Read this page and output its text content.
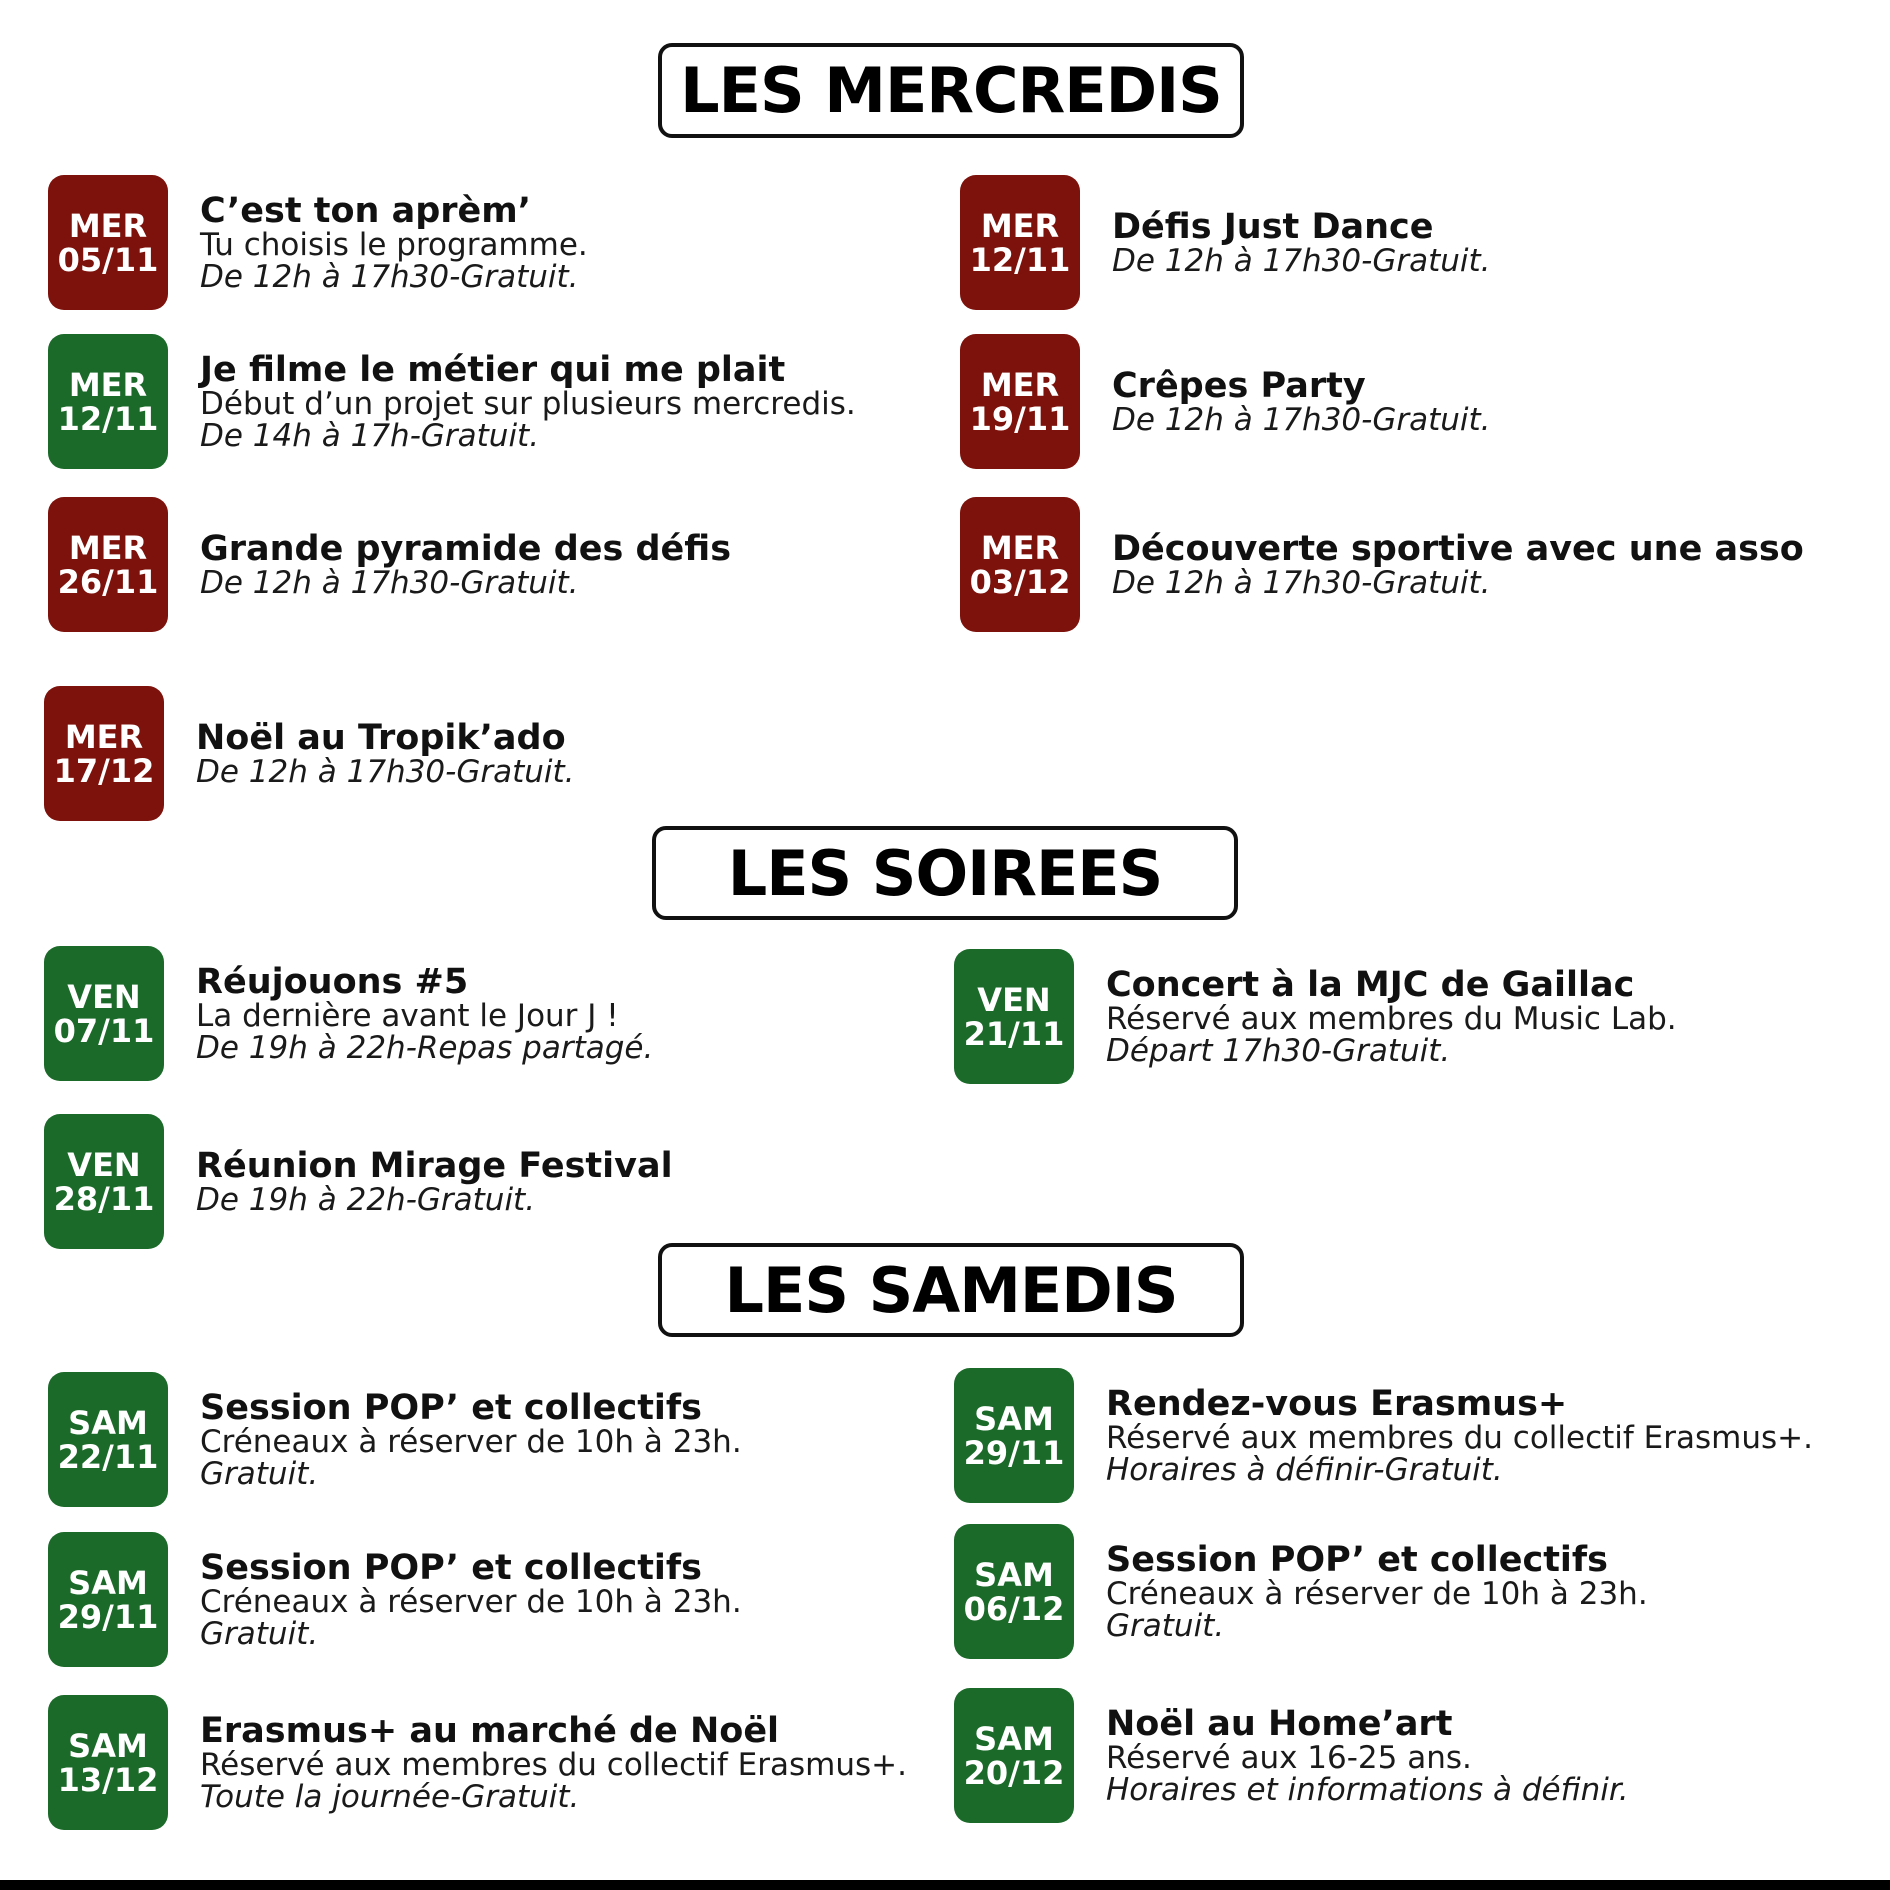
LES MERCREDIS
LES SOIREES
LES SAMEDIS
MER
05/11
C’est ton aprèm’
Tu choisis le programme.
De 12h à 17h30-Gratuit.
MER
12/11
Défis Just Dance
De 12h à 17h30-Gratuit.
MER
12/11
Je filme le métier qui me plait
Début d’un projet sur plusieurs mercredis.
De 14h à 17h-Gratuit.
MER
19/11
Crêpes Party
De 12h à 17h30-Gratuit.
MER
26/11
Grande pyramide des défis
De 12h à 17h30-Gratuit.
MER
03/12
Découverte sportive avec une asso
De 12h à 17h30-Gratuit.
MER
17/12
Noël au Tropik’ado
De 12h à 17h30-Gratuit.
VEN
07/11
Réujouons #5
La dernière avant le Jour J !
De 19h à 22h-Repas partagé.
VEN
21/11
Concert à la MJC de Gaillac
Réservé aux membres du Music Lab.
Départ 17h30-Gratuit.
VEN
28/11
Réunion Mirage Festival
De 19h à 22h-Gratuit.
SAM
22/11
Session POP’ et collectifs
Créneaux à réserver de 10h à 23h.
Gratuit.
SAM
29/11
Rendez-vous Erasmus+
Réservé aux membres du collectif Erasmus+.
Horaires à définir-Gratuit.
SAM
29/11
Session POP’ et collectifs
Créneaux à réserver de 10h à 23h.
Gratuit.
SAM
06/12
Session POP’ et collectifs
Créneaux à réserver de 10h à 23h.
Gratuit.
SAM
13/12
Erasmus+ au marché de Noël
Réservé aux membres du collectif Erasmus+.
Toute la journée-Gratuit.
SAM
20/12
Noël au Home’art
Réservé aux 16-25 ans.
Horaires et informations à définir.
